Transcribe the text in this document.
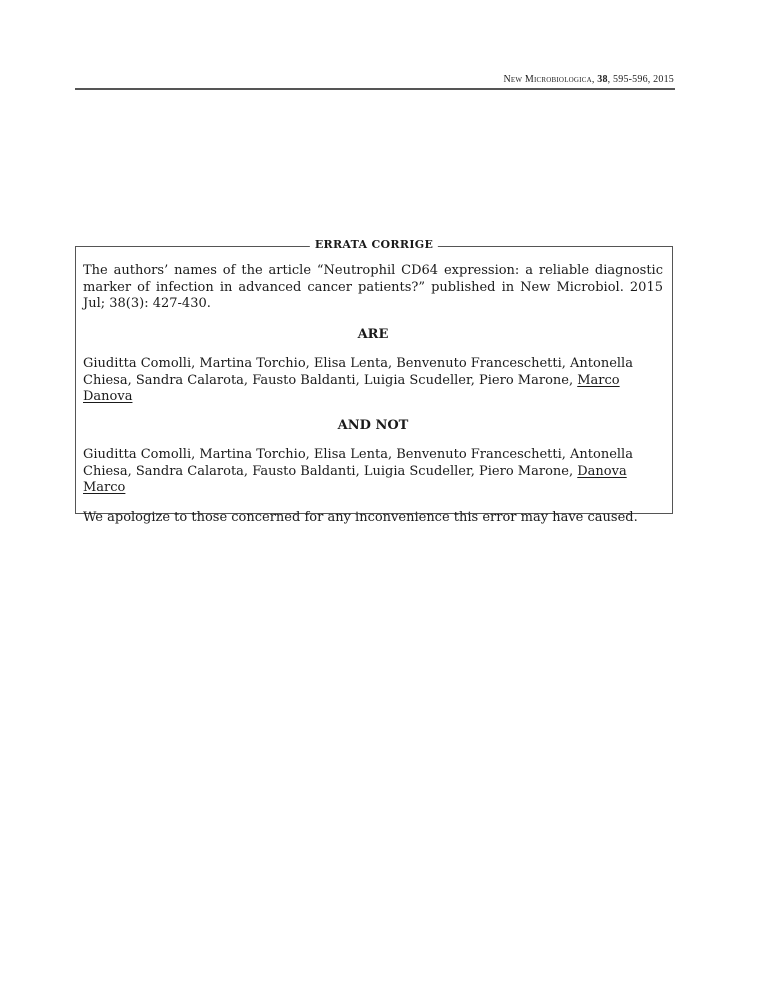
New Microbiologica, 38, 595-596, 2015
ERRATA CORRIGE

The authors’ names of the article “Neutrophil CD64 expression: a reliable diagnostic marker of infection in advanced cancer patients?” published in New Microbiol. 2015 Jul; 38(3): 427-430.

ARE

Giuditta Comolli, Martina Torchio, Elisa Lenta, Benvenuto Franceschetti, Antonella Chiesa, Sandra Calarota, Fausto Baldanti, Luigia Scudeller, Piero Marone, Marco Danova

AND NOT

Giuditta Comolli, Martina Torchio, Elisa Lenta, Benvenuto Franceschetti, Antonella Chiesa, Sandra Calarota, Fausto Baldanti, Luigia Scudeller, Piero Marone, Danova Marco

We apologize to those concerned for any inconvenience this error may have caused.
